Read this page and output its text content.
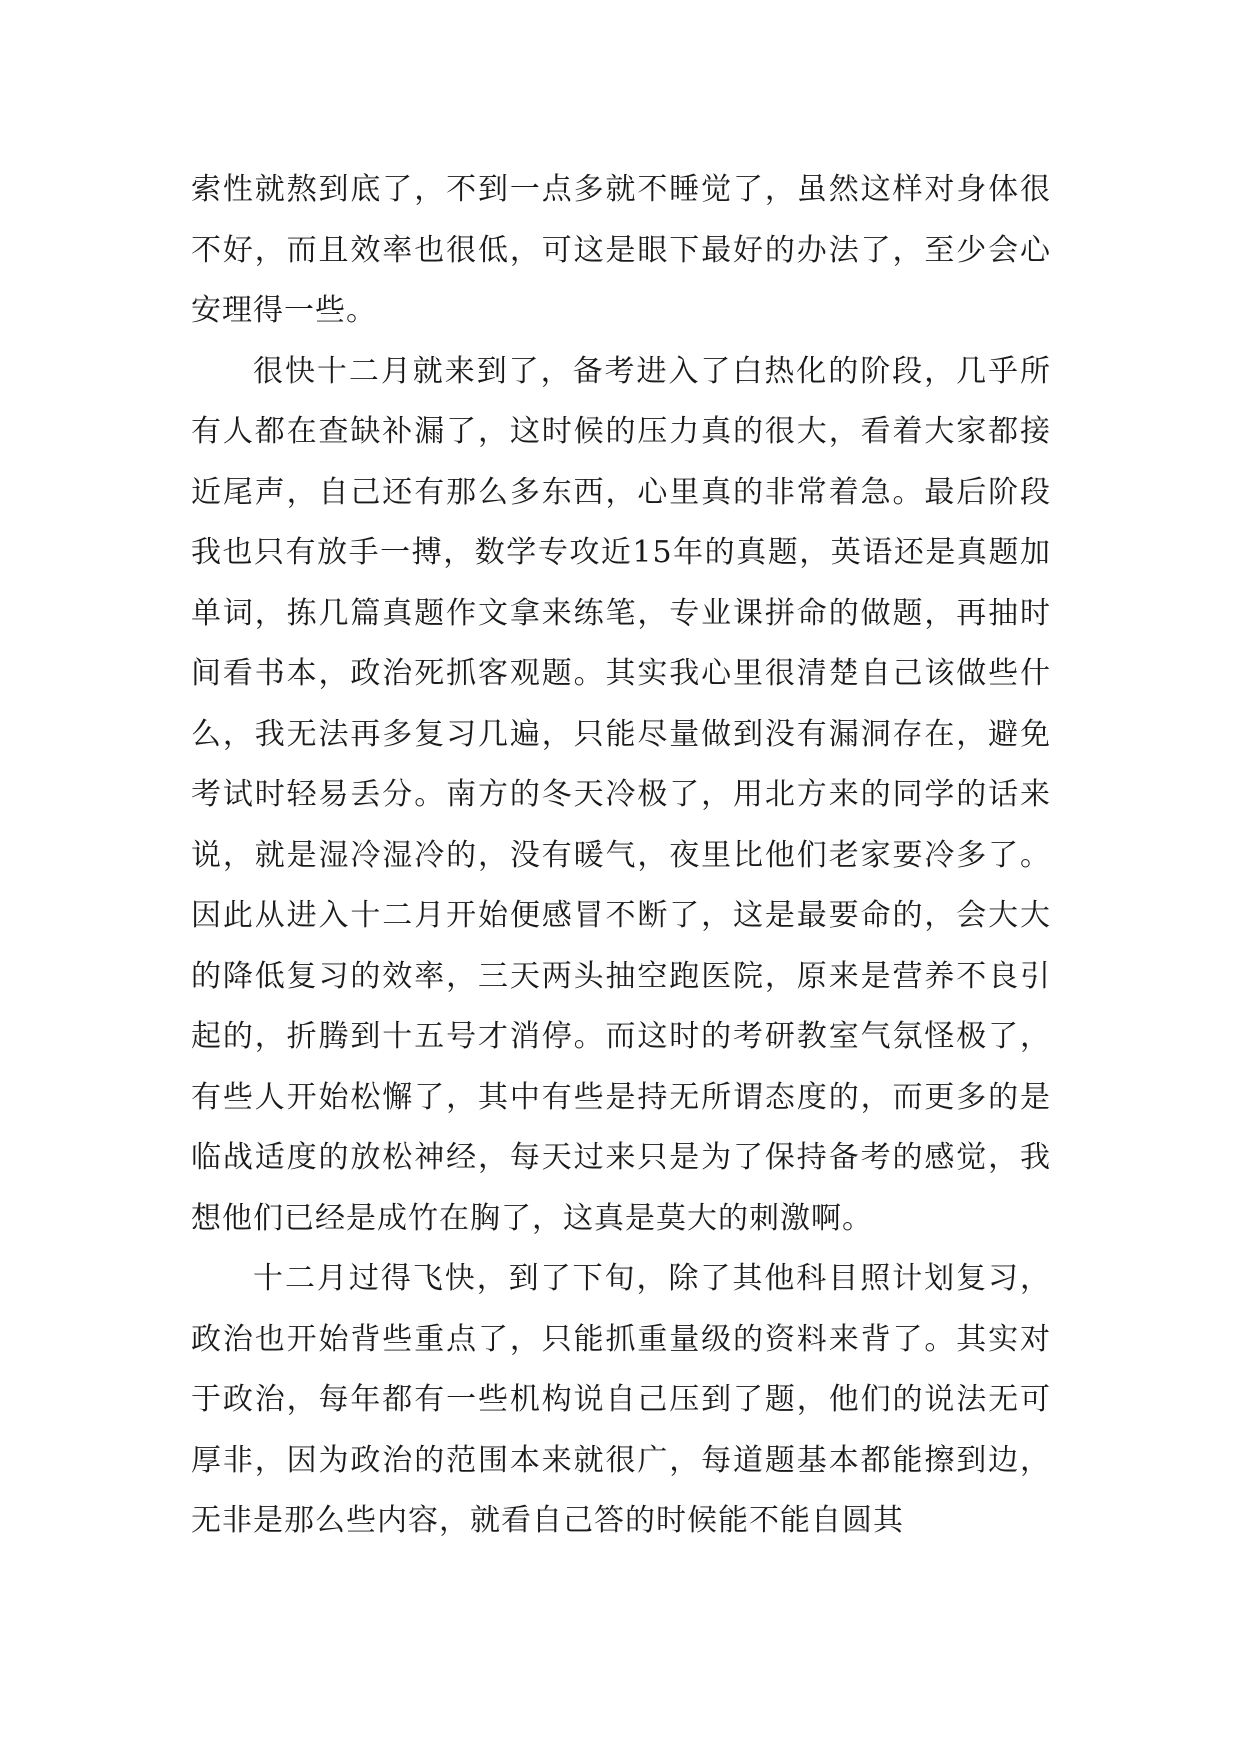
索性就熬到底了，不到一点多就不睡觉了，虽然这样对身体很不好，而且效率也很低，可这是眼下最好的办法了，至少会心安理得一些。

很快十二月就来到了，备考进入了白热化的阶段，几乎所有人都在查缺补漏了，这时候的压力真的很大，看着大家都接近尾声，自己还有那么多东西，心里真的非常着急。最后阶段我也只有放手一搏，数学专攻近15年的真题，英语还是真题加单词，拣几篇真题作文拿来练笔，专业课拼命的做题，再抽时间看书本，政治死抓客观题。其实我心里很清楚自己该做些什么，我无法再多复习几遍，只能尽量做到没有漏洞存在，避免考试时轻易丢分。南方的冬天冷极了，用北方来的同学的话来说，就是湿冷湿冷的，没有暖气，夜里比他们老家要冷多了。因此从进入十二月开始便感冒不断了，这是最要命的，会大大的降低复习的效率，三天两头抽空跑医院，原来是营养不良引起的，折腾到十五号才消停。而这时的考研教室气氛怪极了，有些人开始松懈了，其中有些是持无所谓态度的，而更多的是临战适度的放松神经，每天过来只是为了保持备考的感觉，我想他们已经是成竹在胸了，这真是莫大的刺激啊。

十二月过得飞快，到了下旬，除了其他科目照计划复习，政治也开始背些重点了，只能抓重量级的资料来背了。其实对于政治，每年都有一些机构说自己压到了题，他们的说法无可厚非，因为政治的范围本来就很广，每道题基本都能擦到边，无非是那么些内容，就看自己答的时候能不能自圆其
